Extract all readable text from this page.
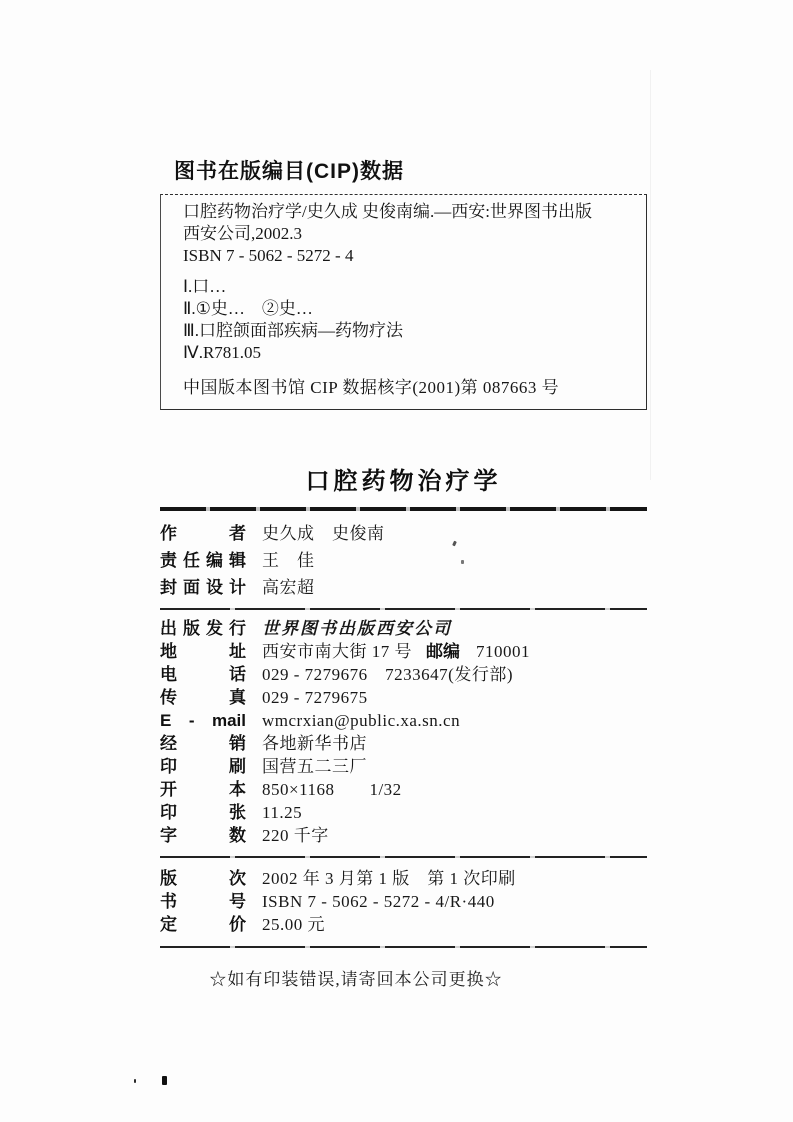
图书在版编目(CIP)数据

口腔药物治疗学/史久成 史俊南编.—西安:世界图书出版

西安公司,2002.3

ISBN 7 - 5062 - 5272 - 4

Ⅰ.口…

Ⅱ.①史…　②史…

Ⅲ.口腔颌面部疾病—药物疗法

Ⅳ.R781.05

中国版本图书馆 CIP 数据核字(2001)第 087663 号

口腔药物治疗学
作者 史久成　史俊南
责任编辑 王　佳
封面设计 高宏超
出版发行 世界图书出版西安公司
地址 西安市南大街 17 号 邮编 710001
电话 029 - 7279676　7233647(发行部)
传真 029 - 7279675
E - mail wmcrxian@public.xa.sn.cn
经销 各地新华书店
印刷 国营五二三厂
开本 850×1168　　1/32
印张 11.25
字数 220 千字
版次 2002 年 3 月第 1 版　第 1 次印刷
书号 ISBN 7 - 5062 - 5272 - 4/R·440
定价 25.00 元
☆如有印装错误,请寄回本公司更换☆
